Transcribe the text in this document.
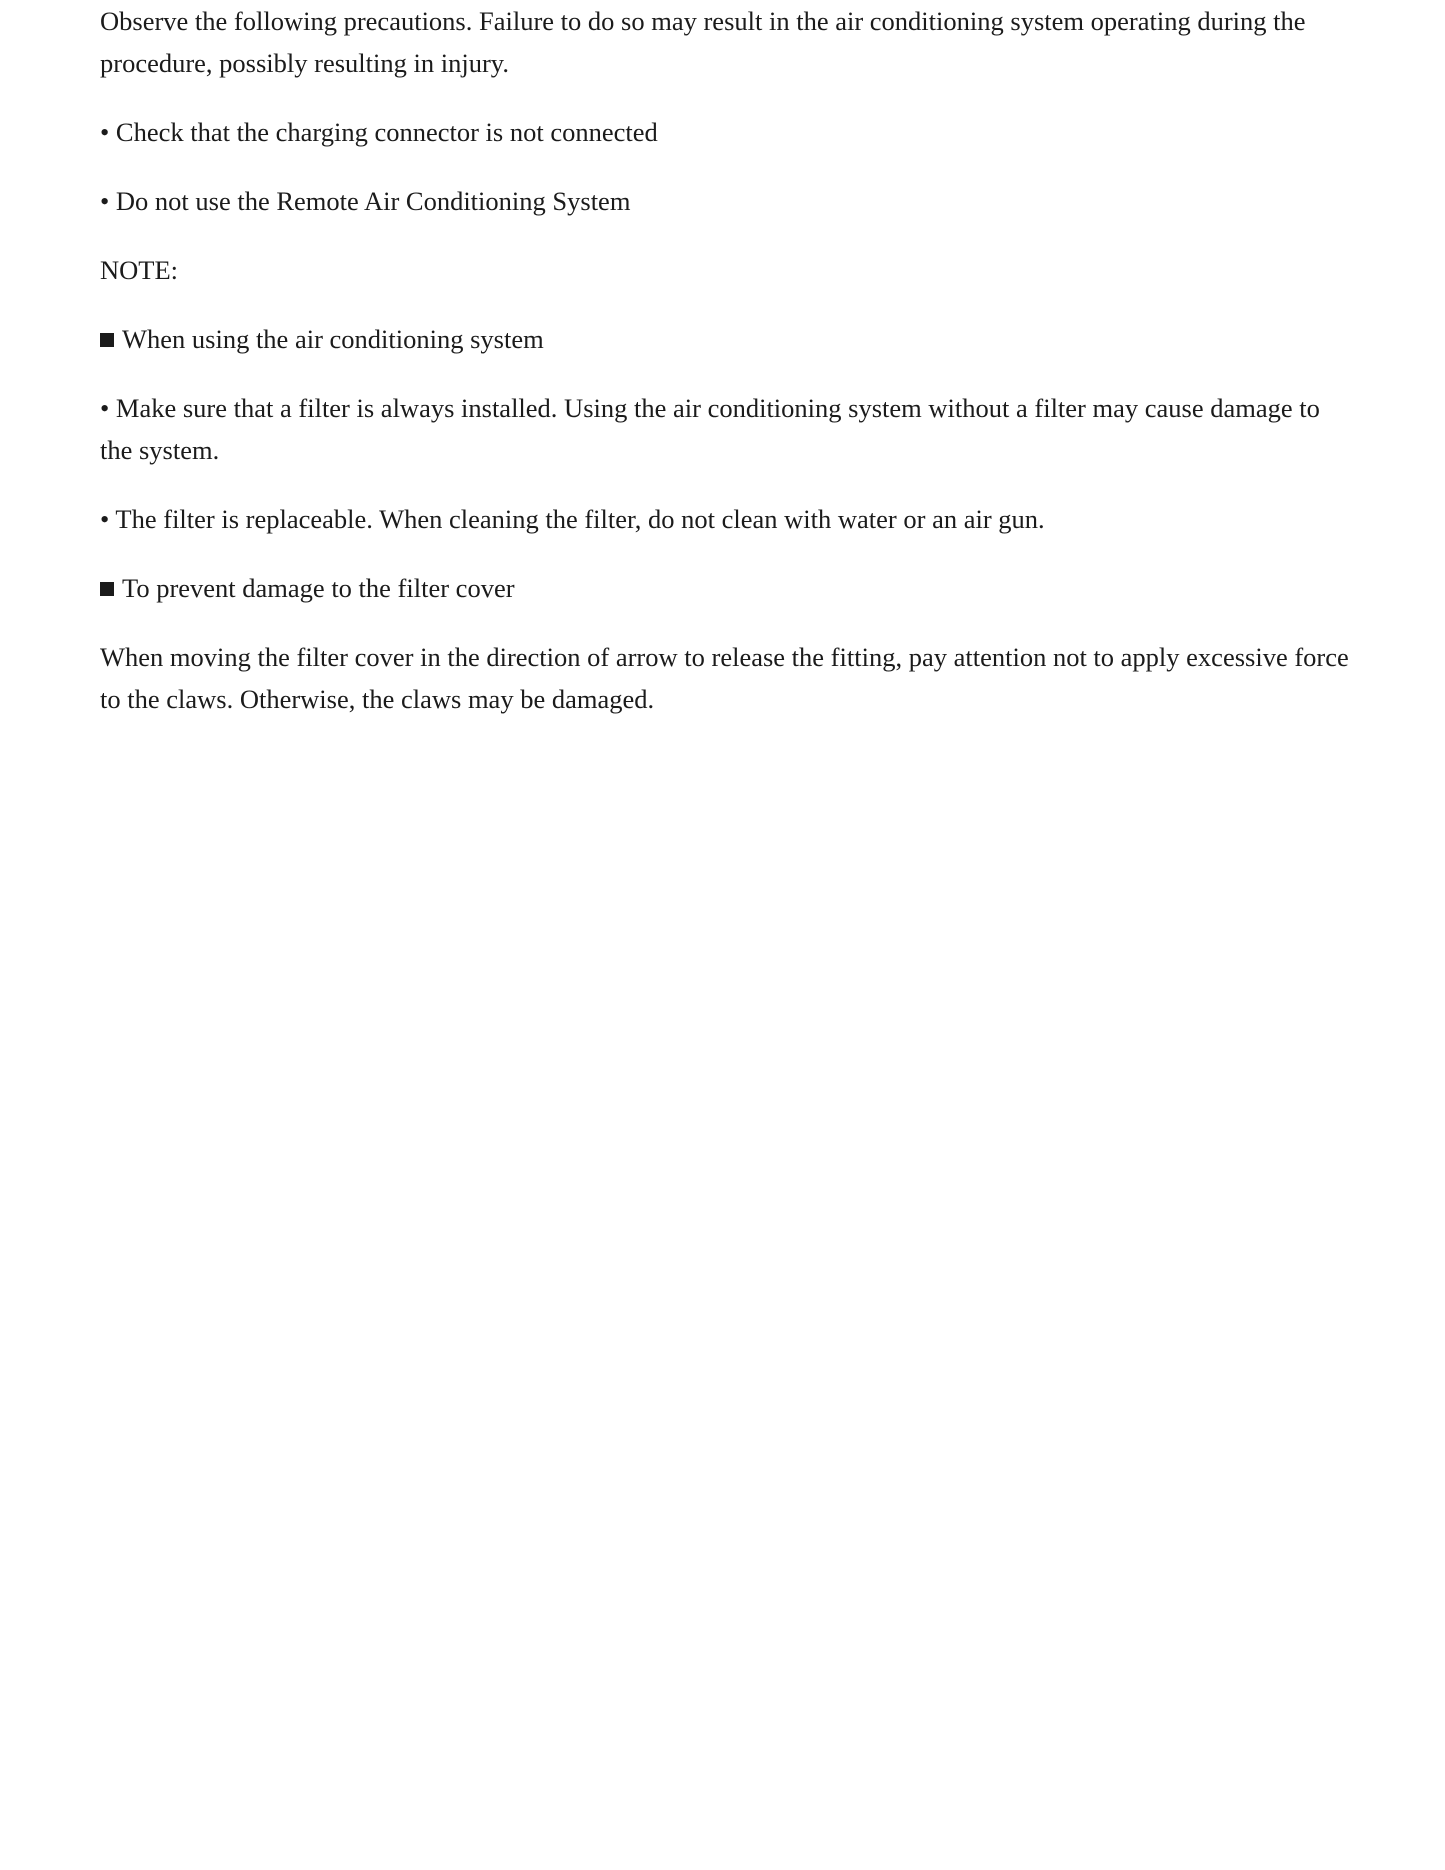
Observe the following precautions. Failure to do so may result in the air conditioning system operating during the procedure, possibly resulting in injury.

• Check that the charging connector is not connected

• Do not use the Remote Air Conditioning System

NOTE:

When using the air conditioning system

• Make sure that a filter is always installed. Using the air conditioning system without a filter may cause damage to the system.

• The filter is replaceable. When cleaning the filter, do not clean with water or an air gun.

To prevent damage to the filter cover

When moving the filter cover in the direction of arrow to release the fitting, pay attention not to apply excessive force to the claws. Otherwise, the claws may be damaged.
